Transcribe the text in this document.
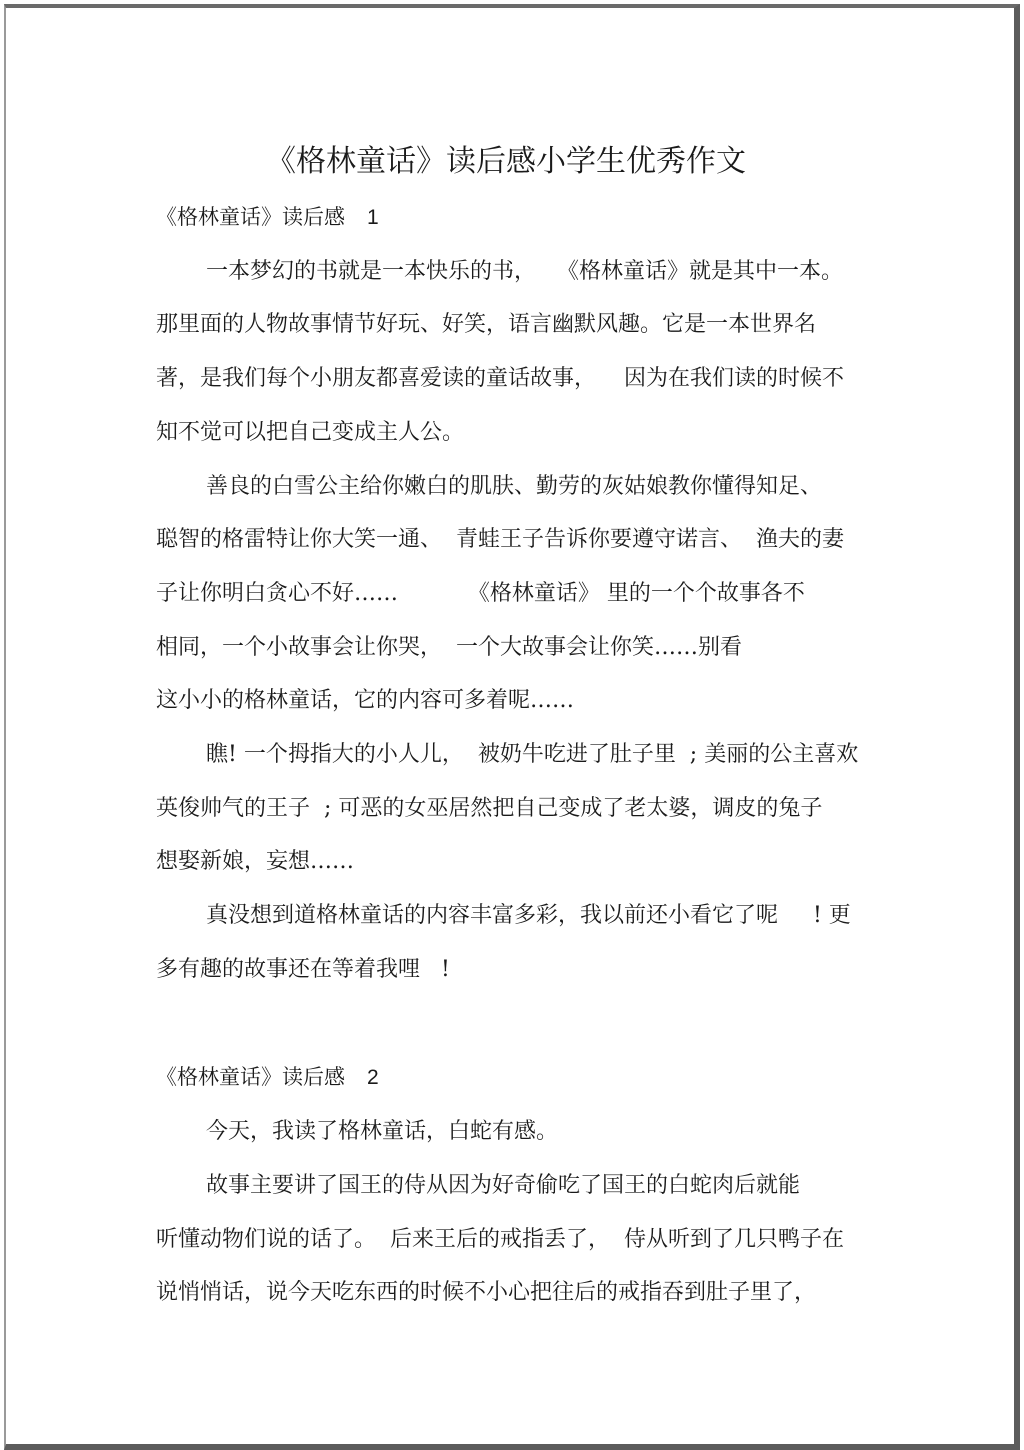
《格林童话》读后感小学生优秀作文
《格林童话》读后感 1
一本梦幻的书就是一本快乐的书，   《格林童话》就是其中一本。
那里面的人物故事情节好玩、好笑，语言幽默风趣。它是一本世界名
著，是我们每个小朋友都喜爱读的童话故事，    因为在我们读的时候不
知不觉可以把自己变成主人公。
善良的白雪公主给你嫩白的肌肤、勤劳的灰姑娘教你懂得知足、
聪智的格雷特让你大笑一通、  青蛙王子告诉你要遵守诺言、  渔夫的妻
子让你明白贪心不好……          《格林童话》 里的一个个故事各不
相同，一个小故事会让你哭，  一个大故事会让你笑……别看
这小小的格林童话，它的内容可多着呢……
瞧! 一个拇指大的小人儿，  被奶牛吃进了肚子里  ; 美丽的公主喜欢
英俊帅气的王子  ; 可恶的女巫居然把自己变成了老太婆，调皮的兔子
想娶新娘，妄想……
真没想到道格林童话的内容丰富多彩，我以前还小看它了呢     ! 更
多有趣的故事还在等着我哩   !
《格林童话》读后感 2
今天，我读了格林童话，白蛇有感。
故事主要讲了国王的侍从因为好奇偷吃了国王的白蛇肉后就能
听懂动物们说的话了。  后来王后的戒指丢了，  侍从听到了几只鸭子在
说悄悄话，说今天吃东西的时候不小心把往后的戒指吞到肚子里了，
